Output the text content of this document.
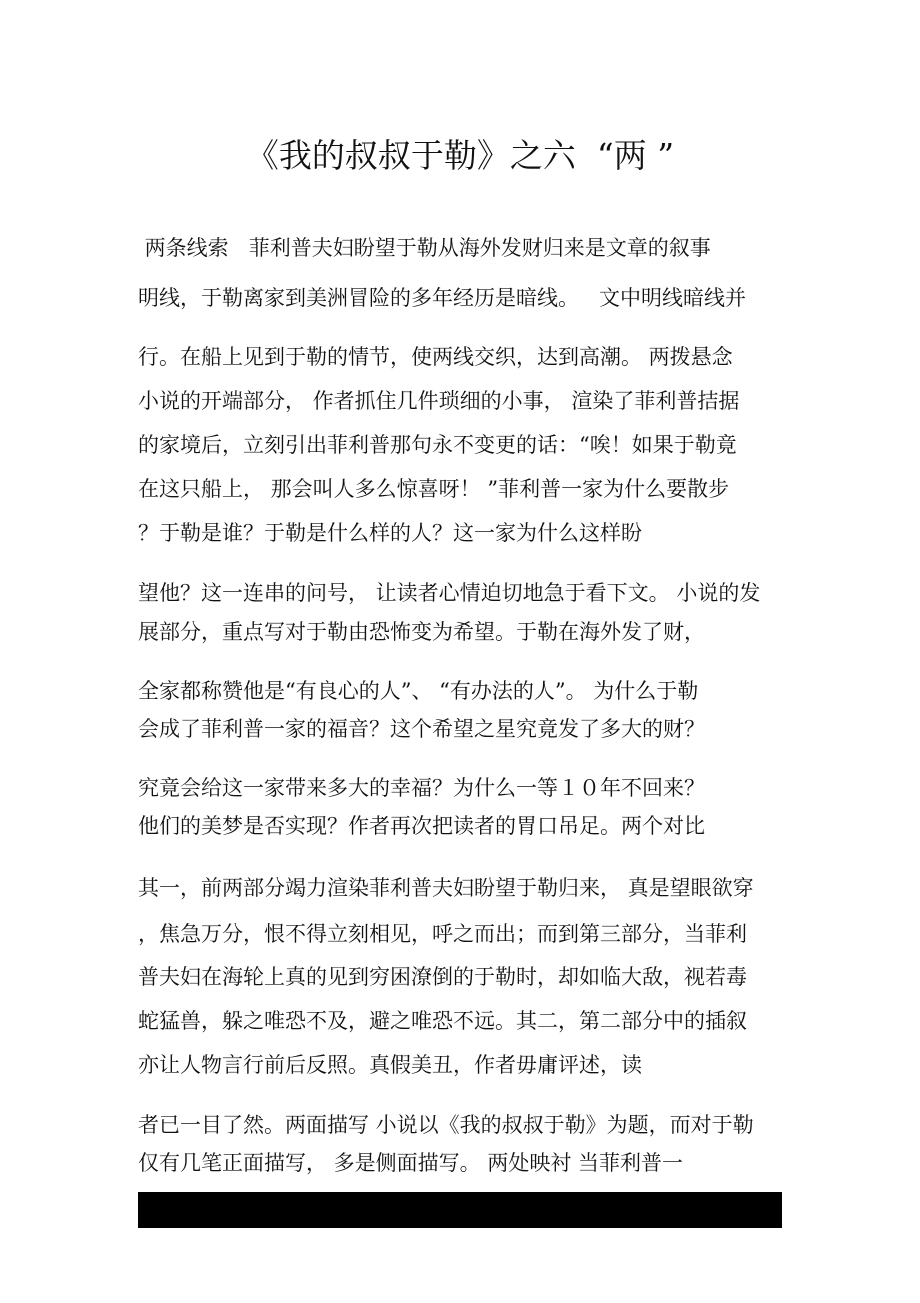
《我的叔叔于勒》之六  “两 ”
两条线索   菲利普夫妇盼望于勒从海外发财归来是文章的叙事
明线，于勒离家到美洲冒险的多年经历是暗线。   文中明线暗线并
行。在船上见到于勒的情节，使两线交织，达到高潮。 两拨悬念
小说的开端部分， 作者抓住几件琐细的小事， 渲染了菲利普拮据
的家境后，立刻引出菲利普那句永不变更的话：“唉！如果于勒竟
在这只船上， 那会叫人多么惊喜呀！ ”菲利普一家为什么要散步
？于勒是谁？于勒是什么样的人？这一家为什么这样盼
望他？这一连串的问号， 让读者心情迫切地急于看下文。 小说的发
展部分，重点写对于勒由恐怖变为希望。于勒在海外发了财，
全家都称赞他是“有良心的人”、 “有办法的人”。 为什么于勒
会成了菲利普一家的福音？这个希望之星究竟发了多大的财？
究竟会给这一家带来多大的幸福？为什么一等１０年不回来？
他们的美梦是否实现？作者再次把读者的胃口吊足。两个对比
其一，前两部分竭力渲染菲利普夫妇盼望于勒归来， 真是望眼欲穿
，焦急万分，恨不得立刻相见，呼之而出；而到第三部分，当菲利
普夫妇在海轮上真的见到穷困潦倒的于勒时，却如临大敌，视若毒
蛇猛兽，躲之唯恐不及，避之唯恐不远。其二，第二部分中的插叙
亦让人物言行前后反照。真假美丑，作者毋庸评述，读
者已一目了然。两面描写 小说以《我的叔叔于勒》为题，而对于勒
仅有几笔正面描写， 多是侧面描写。 两处映衬 当菲利普一
